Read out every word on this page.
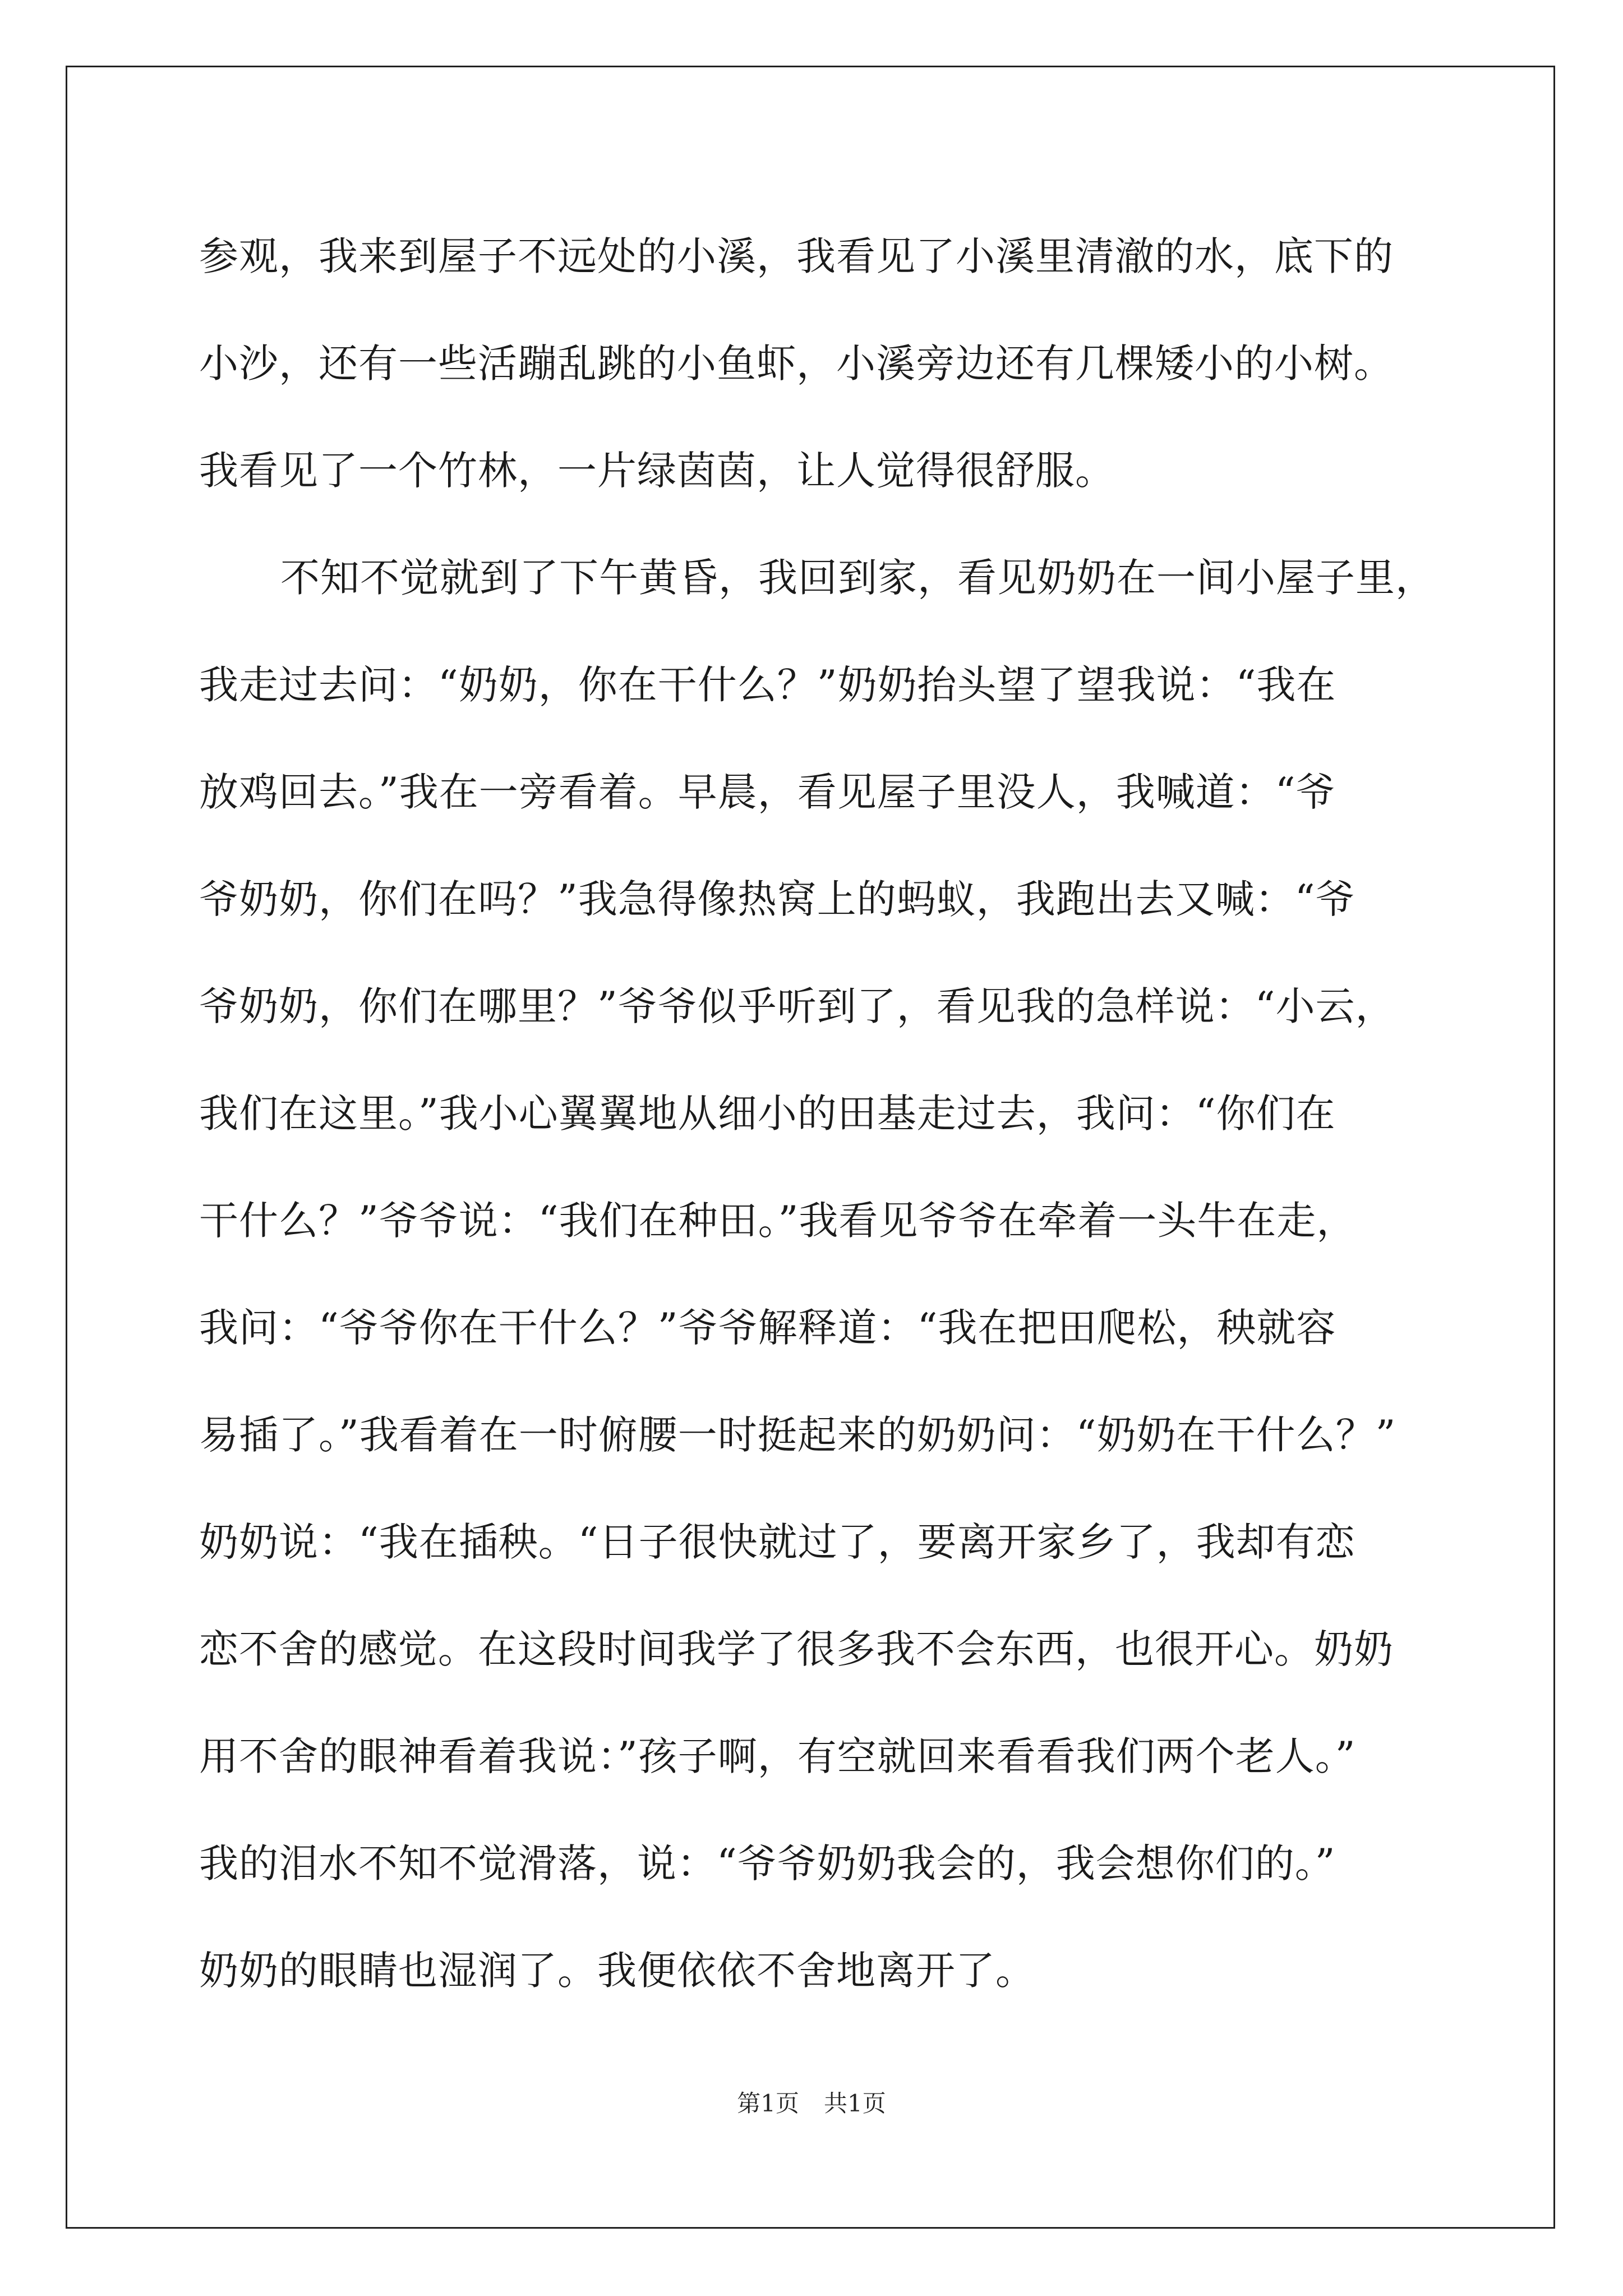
参观，我来到屋子不远处的小溪，我看见了小溪里清澈的水，底下的
小沙，还有一些活蹦乱跳的小鱼虾，小溪旁边还有几棵矮小的小树。
我看见了一个竹林，一片绿茵茵，让人觉得很舒服。
不知不觉就到了下午黄昏，我回到家，看见奶奶在一间小屋子里，
我走过去问：“奶奶，你在干什么？”奶奶抬头望了望我说：“我在
放鸡回去。”我在一旁看着。早晨，看见屋子里没人，我喊道：“爷
爷奶奶，你们在吗？”我急得像热窝上的蚂蚁，我跑出去又喊：“爷
爷奶奶，你们在哪里？”爷爷似乎听到了，看见我的急样说：“小云，
我们在这里。”我小心翼翼地从细小的田基走过去，我问：“你们在
干什么？”爷爷说：“我们在种田。”我看见爷爷在牵着一头牛在走，
我问：“爷爷你在干什么？”爷爷解释道：“我在把田爬松，秧就容
易插了。”我看着在一时俯腰一时挺起来的奶奶问：“奶奶在干什么？”
奶奶说：“我在插秧。“日子很快就过了，要离开家乡了，我却有恋
恋不舍的感觉。在这段时间我学了很多我不会东西，也很开心。奶奶
用不舍的眼神看着我说：”孩子啊，有空就回来看看我们两个老人。”
我的泪水不知不觉滑落，说：“爷爷奶奶我会的，我会想你们的。”
奶奶的眼睛也湿润了。我便依依不舍地离开了。
第1页 共1页
